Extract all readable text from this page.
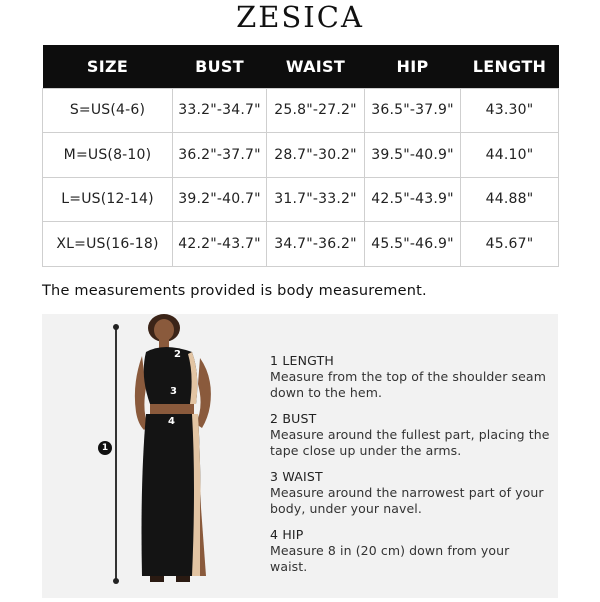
ZESICA
SIZE	BUST	WAIST	HIP	LENGTH
S=US(4-6)	33.2"-34.7"	25.8"-27.2"	36.5"-37.9"	43.30"
M=US(8-10)	36.2"-37.7"	28.7"-30.2"	39.5"-40.9"	44.10"
L=US(12-14)	39.2"-40.7"	31.7"-33.2"	42.5"-43.9"	44.88"
XL=US(16-18)	42.2"-43.7"	34.7"-36.2"	45.5"-46.9"	45.67"
The measurements provided is body measurement.
1
2
3
4
1 LENGTH
Measure from the top of the shoulder seam down to the hem.
2 BUST
Measure around the fullest part, placing the tape close up under the arms.
3 WAIST
Measure around the narrowest part of your body, under your navel.
4 HIP
Measure 8 in (20 cm) down from your waist.
